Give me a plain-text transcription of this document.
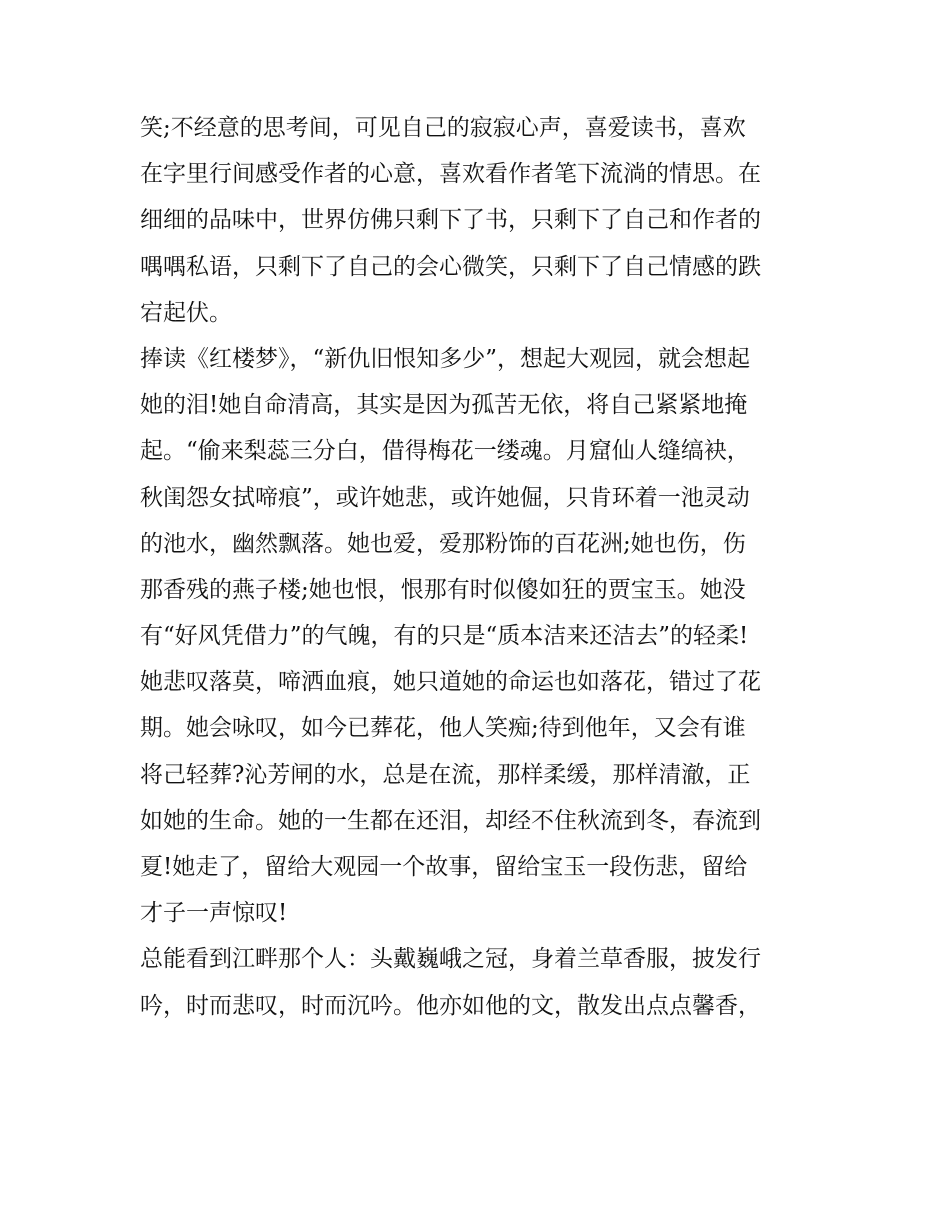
笑;不经意的思考间，可见自己的寂寂心声，喜爱读书，喜欢
在字里行间感受作者的心意，喜欢看作者笔下流淌的情思。在
细细的品味中，世界仿佛只剩下了书，只剩下了自己和作者的
喁喁私语，只剩下了自己的会心微笑，只剩下了自己情感的跌
宕起伏。
捧读《红楼梦》，“新仇旧恨知多少”，想起大观园，就会想起
她的泪!她自命清高，其实是因为孤苦无依，将自己紧紧地掩
起。“偷来梨蕊三分白，借得梅花一缕魂。月窟仙人缝缟袂，
秋闺怨女拭啼痕”，或许她悲，或许她倔，只肯环着一池灵动
的池水，幽然飘落。她也爱，爱那粉饰的百花洲;她也伤，伤
那香残的燕子楼;她也恨，恨那有时似傻如狂的贾宝玉。她没
有“好风凭借力”的气魄，有的只是“质本洁来还洁去”的轻柔!
她悲叹落莫，啼洒血痕，她只道她的命运也如落花，错过了花
期。她会咏叹，如今已葬花，他人笑痴;待到他年，又会有谁
将己轻葬?沁芳闸的水，总是在流，那样柔缓，那样清澈，正
如她的生命。她的一生都在还泪，却经不住秋流到冬，春流到
夏!她走了，留给大观园一个故事，留给宝玉一段伤悲，留给
才子一声惊叹!
总能看到江畔那个人：头戴巍峨之冠，身着兰草香服，披发行
吟，时而悲叹，时而沉吟。他亦如他的文，散发出点点馨香，
